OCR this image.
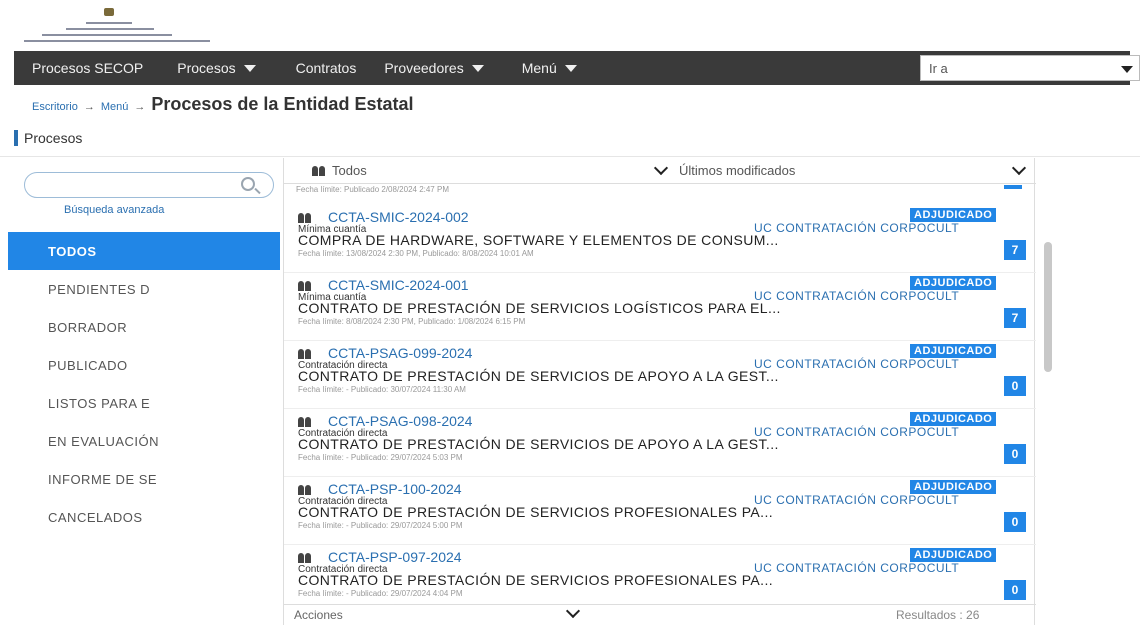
Procesos SECOP Procesos	Contratos Proveedores	Menú	Ir a
Escritorio → Menú → Procesos de la Entidad Estatal
Procesos
Búsqueda avanzada
TODOS
PENDIENTES D
BORRADOR
PUBLICADO
LISTOS PARA E
EN EVALUACIÓN
INFORME DE SE
CANCELADOS
Todos	Últimos modificados
Fecha límite: Publicado 2/08/2024 2:47 PM
CCTA-SMIC-2024-002	ADJUDICADO
Mínima cuantía	UC CONTRATACIÓN CORPOCULT
COMPRA DE HARDWARE, SOFTWARE Y ELEMENTOS DE CONSUM...
Fecha límite: 13/08/2024 2:30 PM, Publicado: 8/08/2024 10:01 AM	7
CCTA-SMIC-2024-001	ADJUDICADO
Mínima cuantía	UC CONTRATACIÓN CORPOCULT
CONTRATO DE PRESTACIÓN DE SERVICIOS LOGÍSTICOS PARA EL...
Fecha límite: 8/08/2024 2:30 PM, Publicado: 1/08/2024 6:15 PM	7
CCTA-PSAG-099-2024	ADJUDICADO
Contratación directa	UC CONTRATACIÓN CORPOCULT
CONTRATO DE PRESTACIÓN DE SERVICIOS DE APOYO A LA GEST...
Fecha límite: - Publicado: 30/07/2024 11:30 AM	0
CCTA-PSAG-098-2024	ADJUDICADO
Contratación directa	UC CONTRATACIÓN CORPOCULT
CONTRATO DE PRESTACIÓN DE SERVICIOS DE APOYO A LA GEST...
Fecha límite: - Publicado: 29/07/2024 5:03 PM	0
CCTA-PSP-100-2024	ADJUDICADO
Contratación directa	UC CONTRATACIÓN CORPOCULT
CONTRATO DE PRESTACIÓN DE SERVICIOS PROFESIONALES PA...
Fecha límite: - Publicado: 29/07/2024 5:00 PM	0
CCTA-PSP-097-2024	ADJUDICADO
Contratación directa	UC CONTRATACIÓN CORPOCULT
CONTRATO DE PRESTACIÓN DE SERVICIOS PROFESIONALES PA...
Fecha límite: - Publicado: 29/07/2024 4:04 PM	0
Acciones	Resultados : 26
